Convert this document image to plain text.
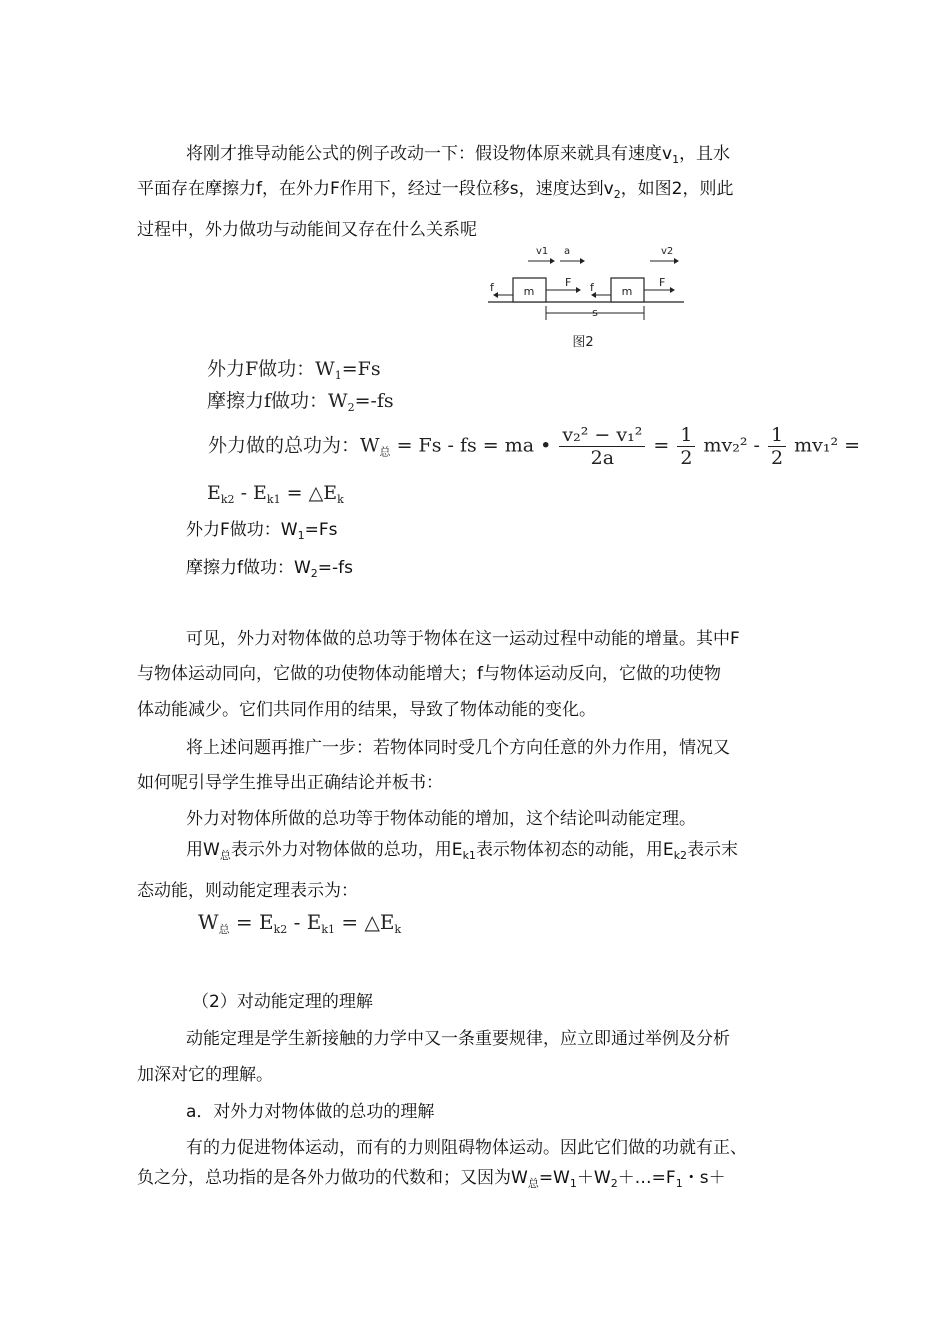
将刚才推导动能公式的例子改动一下：假设物体原来就具有速度$v_1$，且水
平面存在摩擦力f，在外力F作用下，经过一段位移s，速度达到$v_2$，如图2，则此
过程中，外力做功与动能间又存在什么关系呢
m	m
v1 a	v2
f	F f	F
s
图2
外力F做功：$W_1=Fs$
摩擦力f做功：$W_2=-fs$
外力做的总功为：$W_总 = Fs$ - fs = ma • $\frac{\text{v₂² − v₁²}}{2a} = \frac{1}{2} mv_2^2 - \frac{1}{2} mv_1^2$ =
$E_{k2} - E_{k1}$ = $\triangle E_k$
外力F做功：$W_1=Fs$
摩擦力f做功：$W_2=-fs$
可见，外力对物体做的总功等于物体在这一运动过程中动能的增量。其中F
与物体运动同向，它做的功使物体动能增大；f与物体运动反向，它做的功使物
体动能减少。它们共同作用的结果，导致了物体动能的变化。
将上述问题再推广一步：若物体同时受几个方向任意的外力作用，情况又
如何呢引导学生推导出正确结论并板书：
外力对物体所做的总功等于物体动能的增加，这个结论叫动能定理。
用$W_总$表示外力对物体做的总功，用$E_{k1}$表示物体初态的动能，用$E_{k2}$表示末
态动能，则动能定理表示为：
$W_总 = E_{k2} - E_{k1}$ = $\triangle E_k$
（2）对动能定理的理解
动能定理是学生新接触的力学中又一条重要规律，应立即通过举例及分析
加深对它的理解。
a．对外力对物体做的总功的理解
有的力促进物体运动，而有的力则阻碍物体运动。因此它们做的功就有正、
负之分，总功指的是各外力做功的代数和；又因为$W_总=W_1+W_2+\dots=F_1$・s＋
